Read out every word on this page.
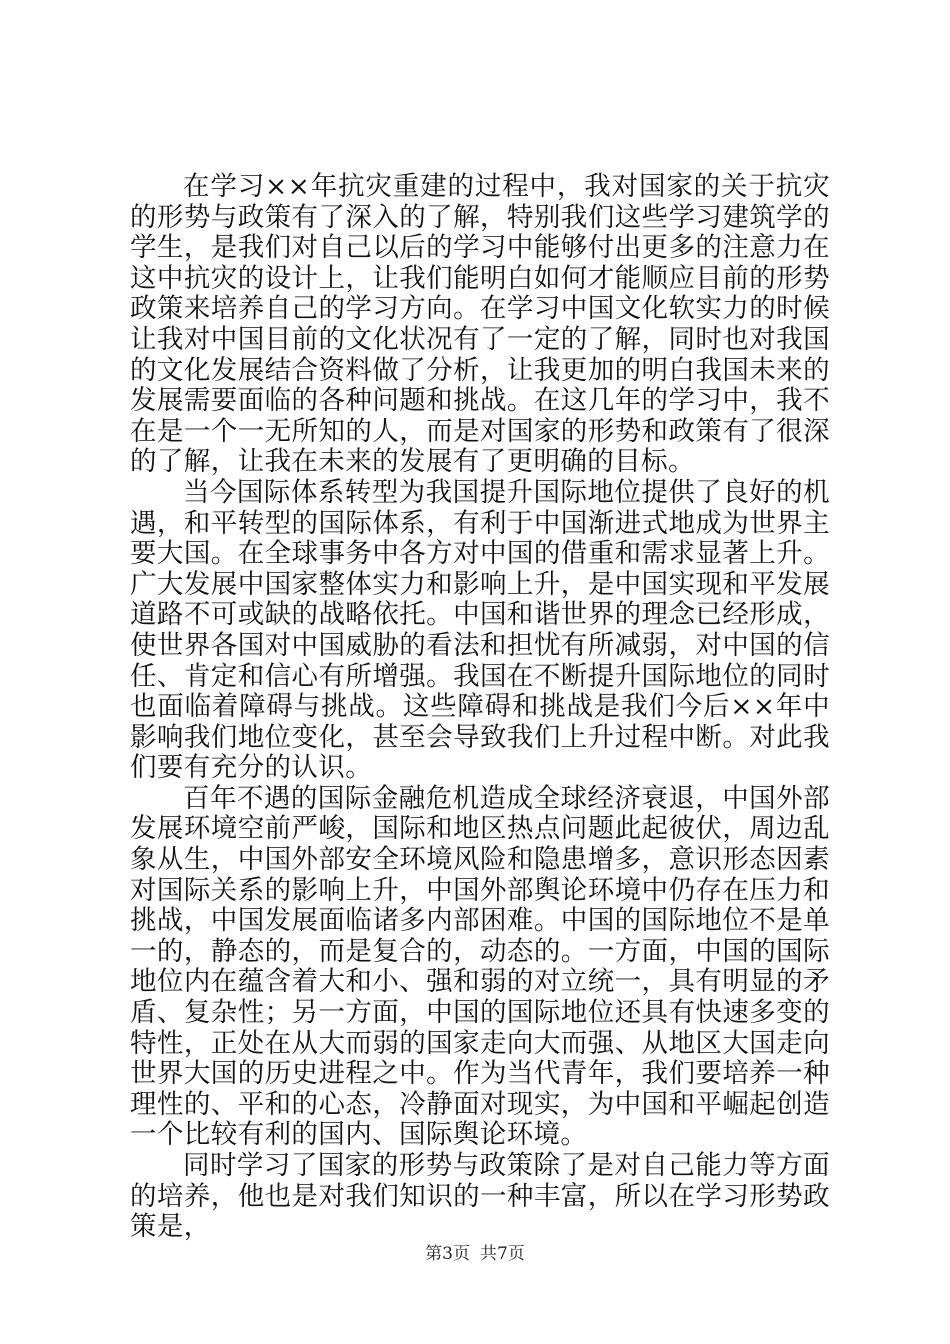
在学习××年抗灾重建的过程中，我对国家的关于抗灾的形势与政策有了深入的了解，特别我们这些学习建筑学的学生，是我们对自己以后的学习中能够付出更多的注意力在这中抗灾的设计上，让我们能明白如何才能顺应目前的形势政策来培养自己的学习方向。在学习中国文化软实力的时候让我对中国目前的文化状况有了一定的了解，同时也对我国的文化发展结合资料做了分析，让我更加的明白我国未来的发展需要面临的各种问题和挑战。在这几年的学习中，我不在是一个一无所知的人，而是对国家的形势和政策有了很深的了解，让我在未来的发展有了更明确的目标。

当今国际体系转型为我国提升国际地位提供了良好的机遇，和平转型的国际体系，有利于中国渐进式地成为世界主要大国。在全球事务中各方对中国的借重和需求显著上升。广大发展中国家整体实力和影响上升，是中国实现和平发展道路不可或缺的战略依托。中国和谐世界的理念已经形成，使世界各国对中国威胁的看法和担忧有所减弱，对中国的信任、肯定和信心有所增强。我国在不断提升国际地位的同时也面临着障碍与挑战。这些障碍和挑战是我们今后××年中影响我们地位变化，甚至会导致我们上升过程中断。对此我们要有充分的认识。

百年不遇的国际金融危机造成全球经济衰退，中国外部发展环境空前严峻，国际和地区热点问题此起彼伏，周边乱象从生，中国外部安全环境风险和隐患增多，意识形态因素对国际关系的影响上升，中国外部舆论环境中仍存在压力和挑战，中国发展面临诸多内部困难。中国的国际地位不是单一的，静态的，而是复合的，动态的。一方面，中国的国际地位内在蕴含着大和小、强和弱的对立统一，具有明显的矛盾、复杂性；另一方面，中国的国际地位还具有快速多变的特性，正处在从大而弱的国家走向大而强、从地区大国走向世界大国的历史进程之中。作为当代青年，我们要培养一种理性的、平和的心态，冷静面对现实，为中国和平崛起创造一个比较有利的国内、国际舆论环境。

同时学习了国家的形势与政策除了是对自己能力等方面的培养，他也是对我们知识的一种丰富，所以在学习形势政策是，

第3页 共7页
